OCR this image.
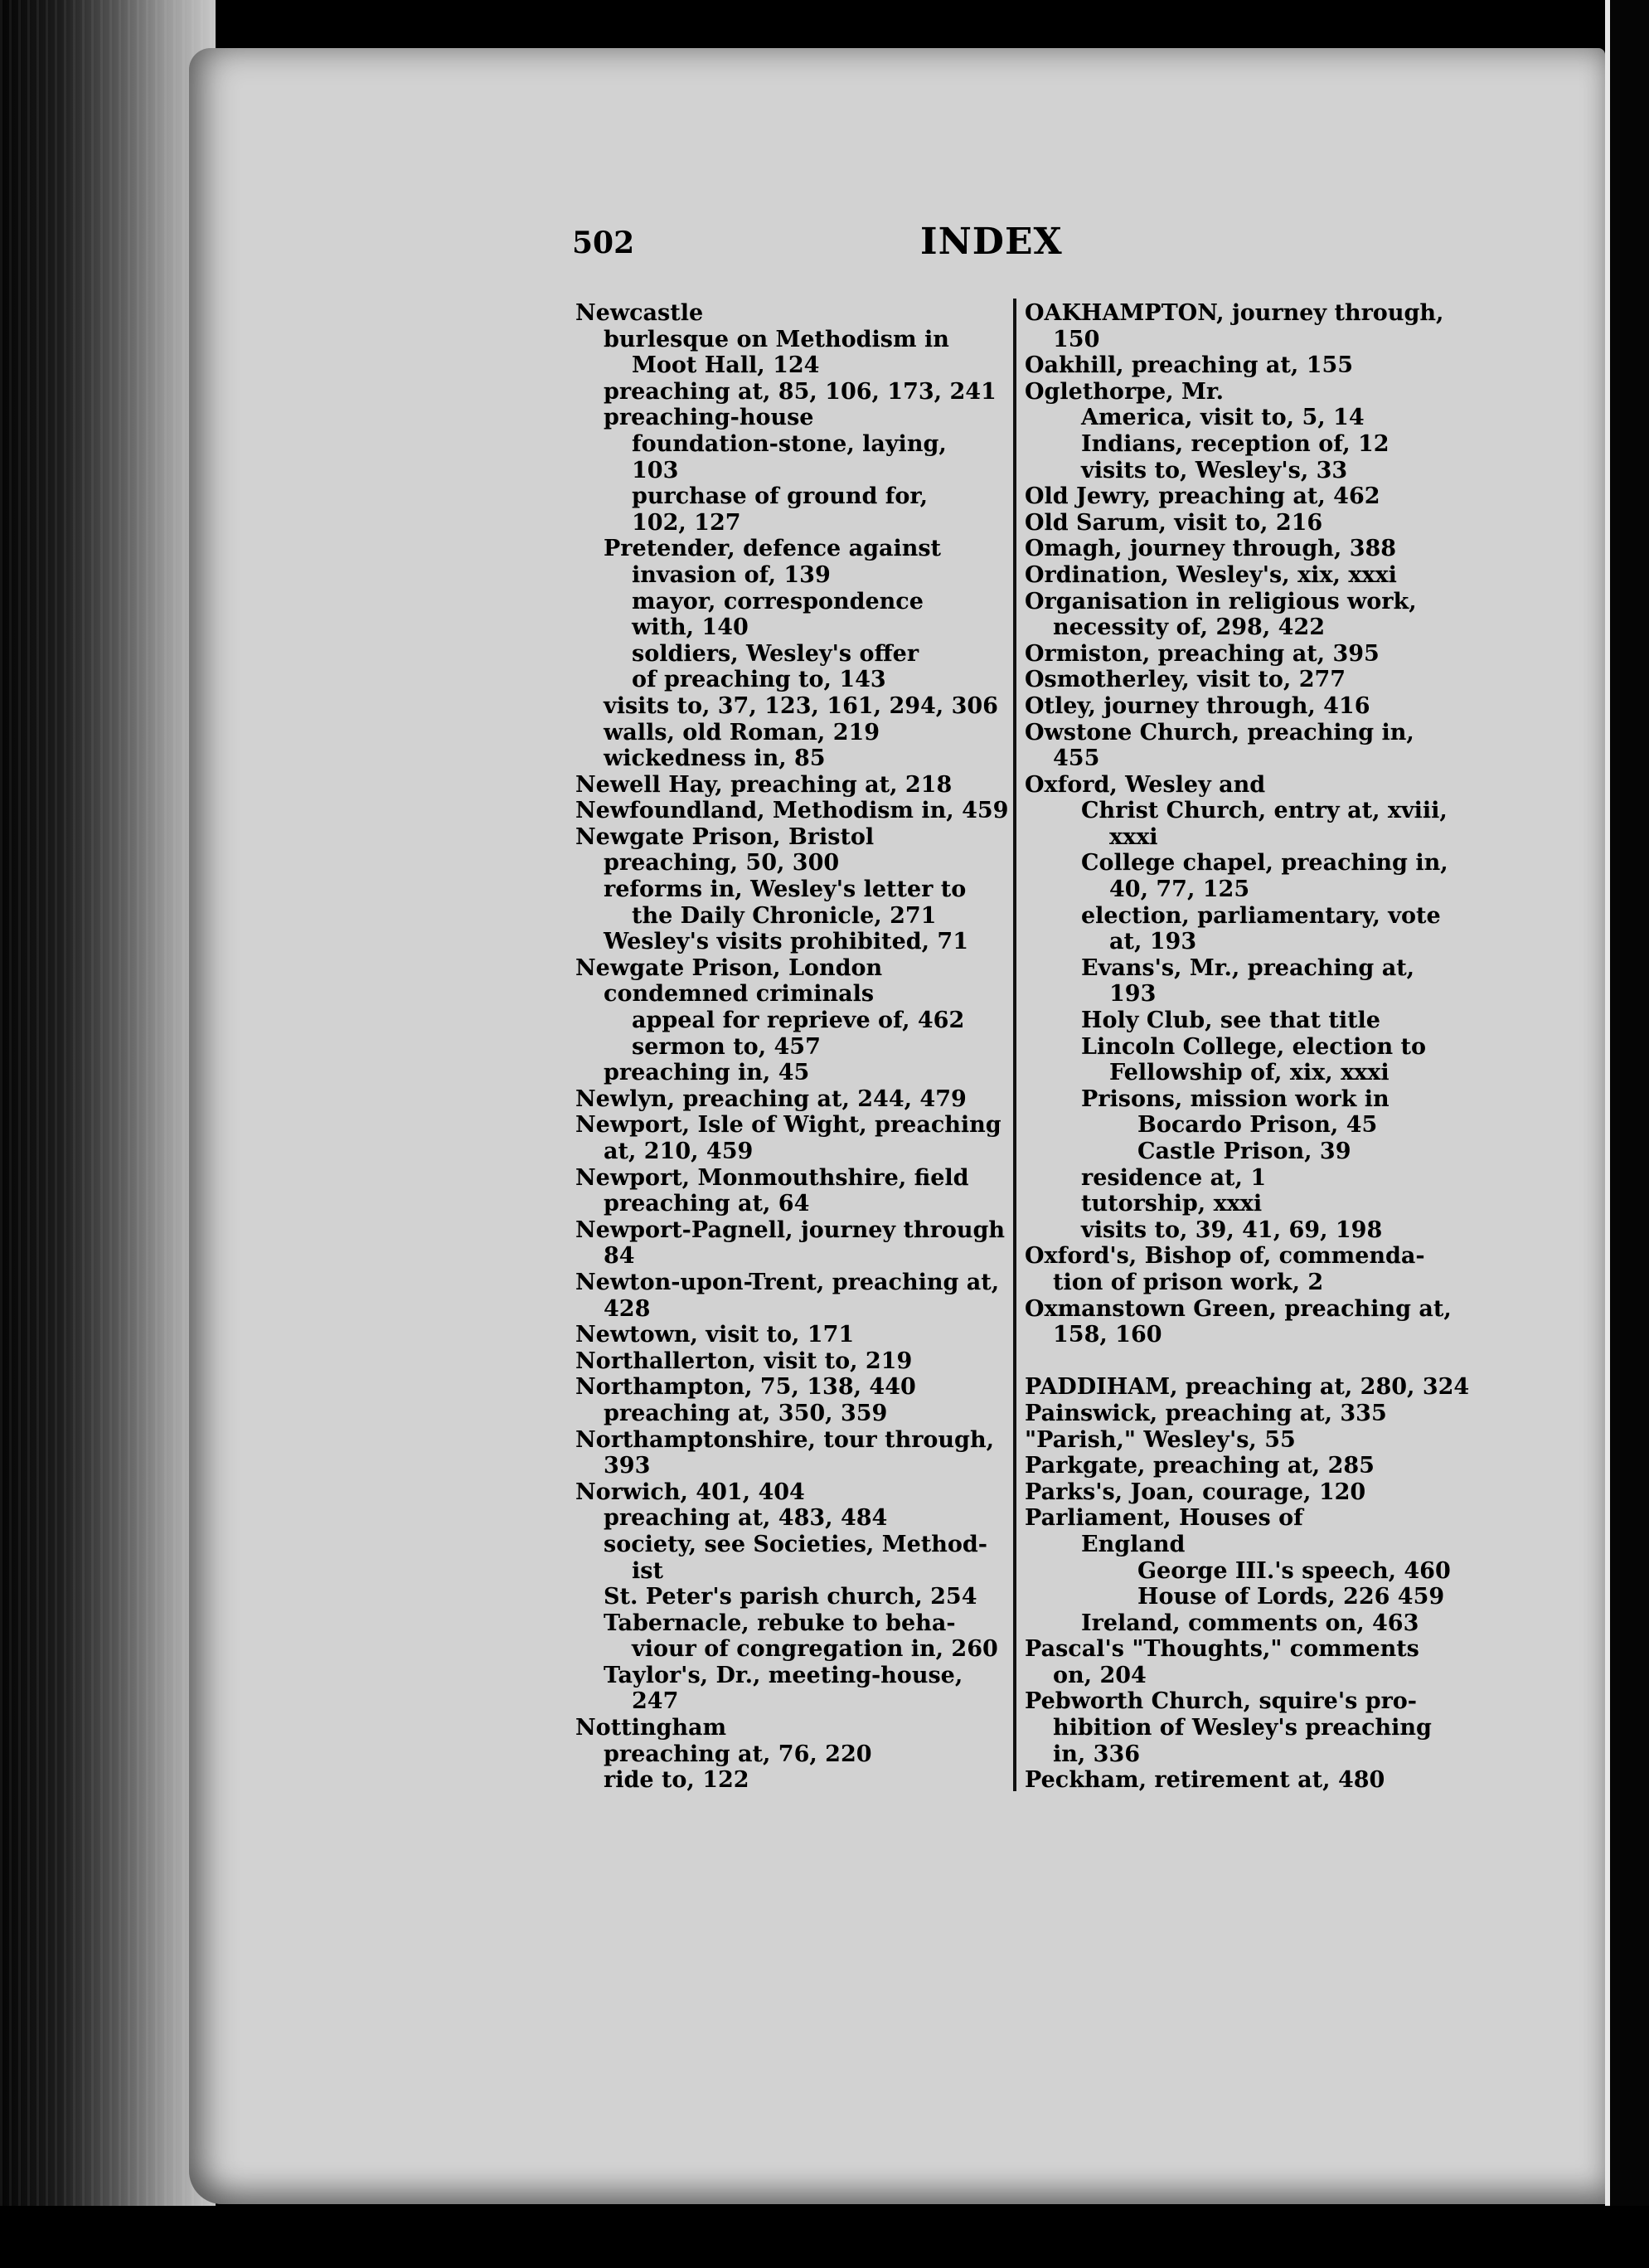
502	INDEX
Newcastle
burlesque on Methodism in
Moot Hall, 124
preaching at, 85, 106, 173, 241
preaching-house
foundation-stone, laying,
103
purchase of ground for,
102, 127
Pretender, defence against
invasion of, 139
mayor, correspondence
with, 140
soldiers, Wesley's offer
of preaching to, 143
visits to, 37, 123, 161, 294, 306
walls, old Roman, 219
wickedness in, 85
Newell Hay, preaching at, 218
Newfoundland, Methodism in, 459
Newgate Prison, Bristol
preaching, 50, 300
reforms in, Wesley's letter to
the Daily Chronicle, 271
Wesley's visits prohibited, 71
Newgate Prison, London
condemned criminals
appeal for reprieve of, 462
sermon to, 457
preaching in, 45
Newlyn, preaching at, 244, 479
Newport, Isle of Wight, preaching
at, 210, 459
Newport, Monmouthshire, field
preaching at, 64
Newport-Pagnell, journey through
84
Newton-upon-Trent, preaching at,
428
Newtown, visit to, 171
Northallerton, visit to, 219
Northampton, 75, 138, 440
preaching at, 350, 359
Northamptonshire, tour through,
393
Norwich, 401, 404
preaching at, 483, 484
society, see Societies, Method-
ist
St. Peter's parish church, 254
Tabernacle, rebuke to beha-
viour of congregation in, 260
Taylor's, Dr., meeting-house,
247
Nottingham
preaching at, 76, 220
ride to, 122
OAKHAMPTON, journey through,
150
Oakhill, preaching at, 155
Oglethorpe, Mr.
America, visit to, 5, 14
Indians, reception of, 12
visits to, Wesley's, 33
Old Jewry, preaching at, 462
Old Sarum, visit to, 216
Omagh, journey through, 388
Ordination, Wesley's, xix, xxxi
Organisation in religious work,
necessity of, 298, 422
Ormiston, preaching at, 395
Osmotherley, visit to, 277
Otley, journey through, 416
Owstone Church, preaching in,
455
Oxford, Wesley and
Christ Church, entry at, xviii,
xxxi
College chapel, preaching in,
40, 77, 125
election, parliamentary, vote
at, 193
Evans's, Mr., preaching at,
193
Holy Club, see that title
Lincoln College, election to
Fellowship of, xix, xxxi
Prisons, mission work in
Bocardo Prison, 45
Castle Prison, 39
residence at, 1
tutorship, xxxi
visits to, 39, 41, 69, 198
Oxford's, Bishop of, commenda-
tion of prison work, 2
Oxmanstown Green, preaching at,
158, 160
PADDIHAM, preaching at, 280, 324
Painswick, preaching at, 335
"Parish," Wesley's, 55
Parkgate, preaching at, 285
Parks's, Joan, courage, 120
Parliament, Houses of
England
George III.'s speech, 460
House of Lords, 226 459
Ireland, comments on, 463
Pascal's "Thoughts," comments
on, 204
Pebworth Church, squire's pro-
hibition of Wesley's preaching
in, 336
Peckham, retirement at, 480
